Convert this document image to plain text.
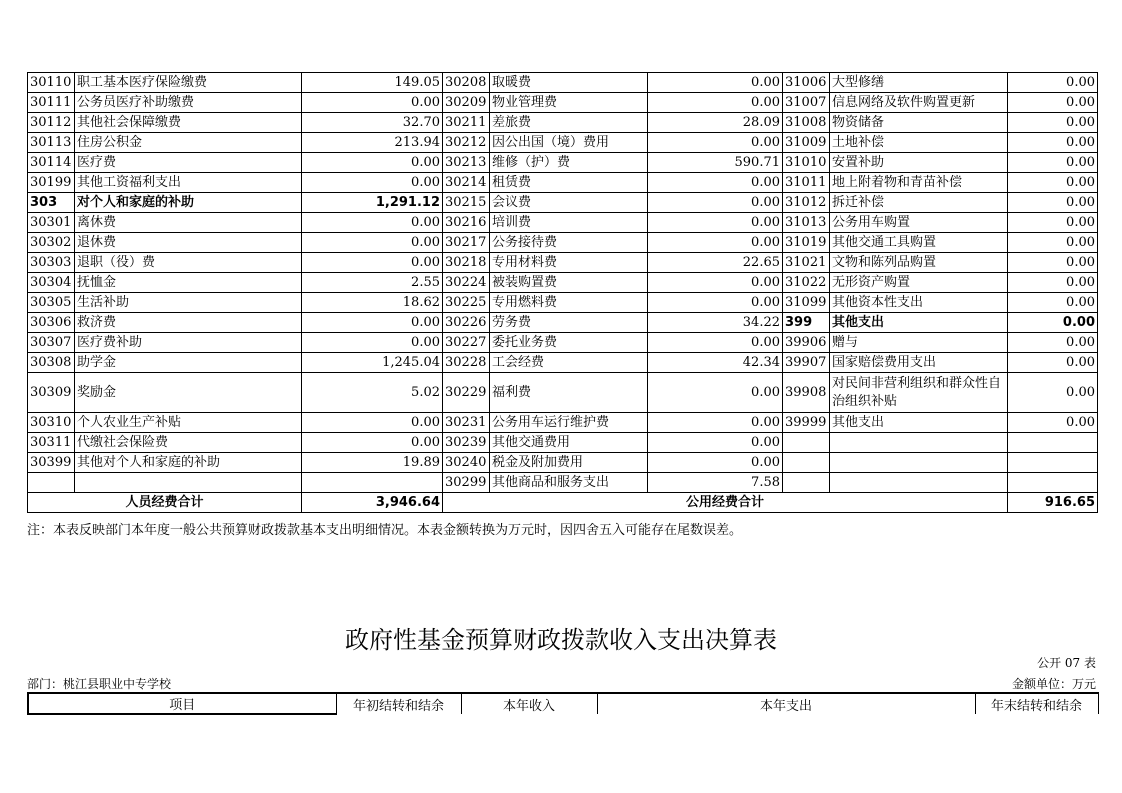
30110	职工基本医疗保险缴费	149.05	30208	取暖费	0.00	31006	大型修缮	0.00
30111	公务员医疗补助缴费	0.00	30209	物业管理费	0.00	31007	信息网络及软件购置更新	0.00
30112	其他社会保障缴费	32.70	30211	差旅费	28.09	31008	物资储备	0.00
30113	住房公积金	213.94	30212	因公出国（境）费用	0.00	31009	土地补偿	0.00
30114	医疗费	0.00	30213	维修（护）费	590.71	31010	安置补助	0.00
30199	其他工资福利支出	0.00	30214	租赁费	0.00	31011	地上附着物和青苗补偿	0.00
303	对个人和家庭的补助	1,291.12	30215	会议费	0.00	31012	拆迁补偿	0.00
30301	离休费	0.00	30216	培训费	0.00	31013	公务用车购置	0.00
30302	退休费	0.00	30217	公务接待费	0.00	31019	其他交通工具购置	0.00
30303	退职（役）费	0.00	30218	专用材料费	22.65	31021	文物和陈列品购置	0.00
30304	抚恤金	2.55	30224	被装购置费	0.00	31022	无形资产购置	0.00
30305	生活补助	18.62	30225	专用燃料费	0.00	31099	其他资本性支出	0.00
30306	救济费	0.00	30226	劳务费	34.22	399	其他支出	0.00
30307	医疗费补助	0.00	30227	委托业务费	0.00	39906	赠与	0.00
30308	助学金	1,245.04	30228	工会经费	42.34	39907	国家赔偿费用支出	0.00
30309	奖励金	5.02	30229	福利费	0.00	39908	对民间非营利组织和群众性自治组织补贴	0.00
30310	个人农业生产补贴	0.00	30231	公务用车运行维护费	0.00	39999	其他支出	0.00
30311	代缴社会保险费	0.00	30239	其他交通费用	0.00			
30399	其他对个人和家庭的补助	19.89	30240	税金及附加费用	0.00			
			30299	其他商品和服务支出	7.58			
人员经费合计		3,946.64	公用经费合计					916.65
注：本表反映部门本年度一般公共预算财政拨款基本支出明细情况。本表金额转换为万元时，因四舍五入可能存在尾数误差。
政府性基金预算财政拨款收入支出决算表
公开 07 表
部门：桃江县职业中专学校	金额单位：万元
项目	年初结转和结余	本年收入	本年支出	年末结转和结余
